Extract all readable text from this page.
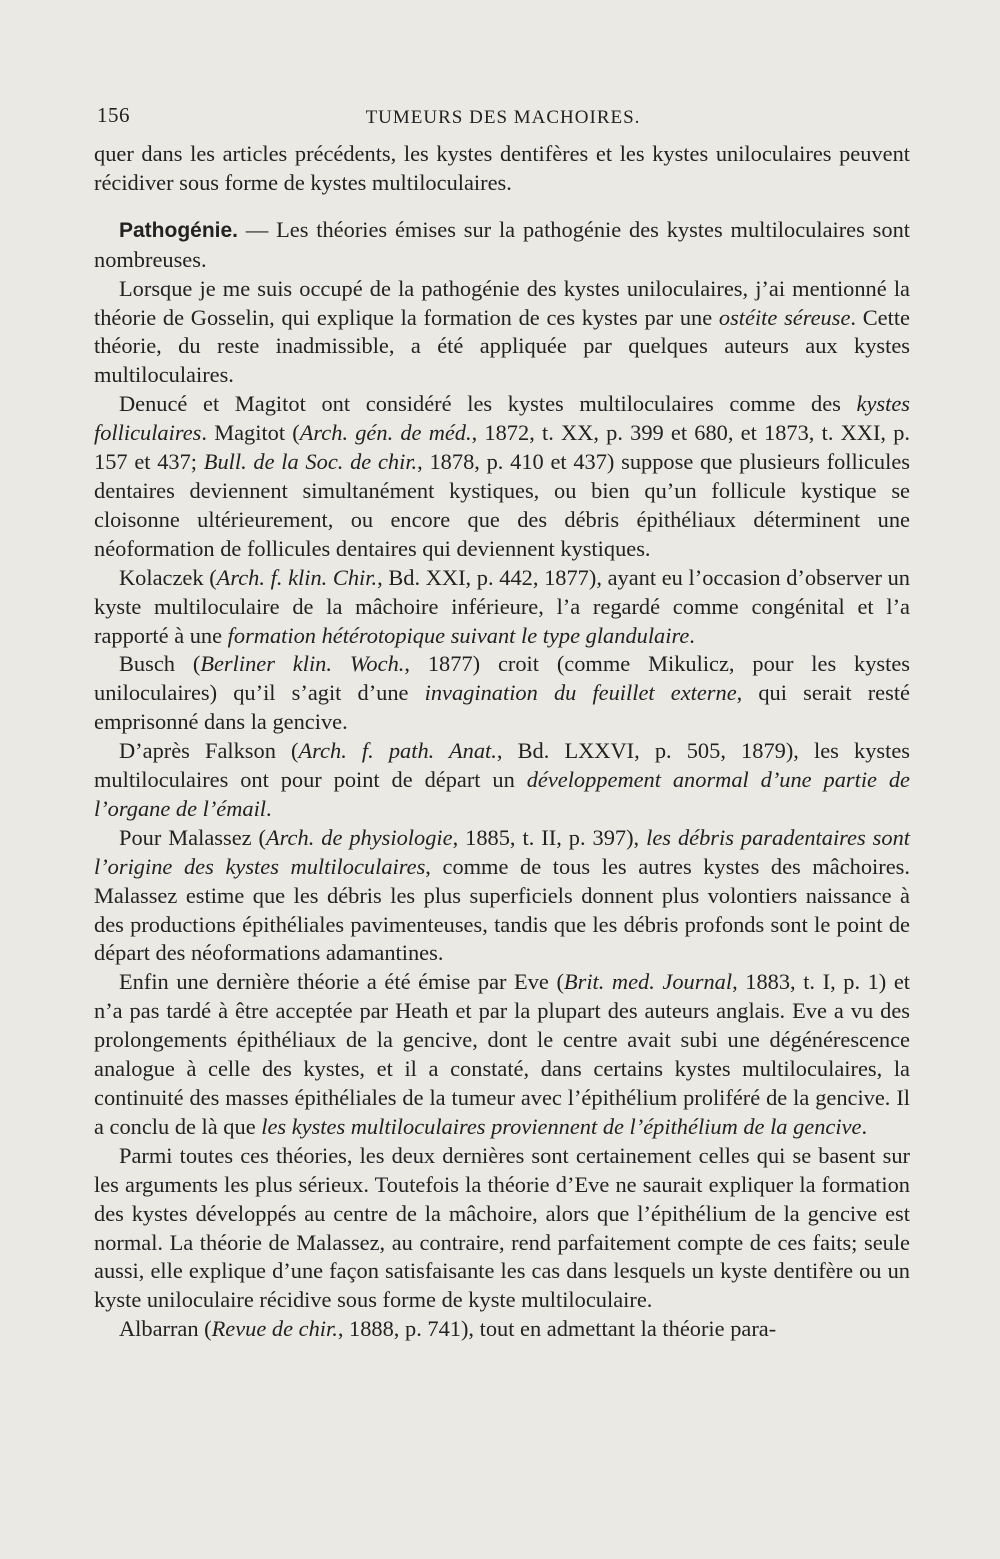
156	TUMEURS DES MACHOIRES.

quer dans les articles précédents, les kystes dentifères et les kystes uniloculaires peuvent récidiver sous forme de kystes multiloculaires.

Pathogénie. — Les théories émises sur la pathogénie des kystes multiloculaires sont nombreuses.

Lorsque je me suis occupé de la pathogénie des kystes uniloculaires, j’ai mentionné la théorie de Gosselin, qui explique la formation de ces kystes par une ostéite séreuse. Cette théorie, du reste inadmissible, a été appliquée par quelques auteurs aux kystes multiloculaires.

Denucé et Magitot ont considéré les kystes multiloculaires comme des kystes folliculaires. Magitot (Arch. gén. de méd., 1872, t. XX, p. 399 et 680, et 1873, t. XXI, p. 157 et 437; Bull. de la Soc. de chir., 1878, p. 410 et 437) suppose que plusieurs follicules dentaires deviennent simultanément kystiques, ou bien qu’un follicule kystique se cloisonne ultérieurement, ou encore que des débris épithéliaux déterminent une néoformation de follicules dentaires qui deviennent kystiques.

Kolaczek (Arch. f. klin. Chir., Bd. XXI, p. 442, 1877), ayant eu l’occasion d’observer un kyste multiloculaire de la mâchoire inférieure, l’a regardé comme congénital et l’a rapporté à une formation hétérotopique suivant le type glandulaire.

Busch (Berliner klin. Woch., 1877) croit (comme Mikulicz, pour les kystes uniloculaires) qu’il s’agit d’une invagination du feuillet externe, qui serait resté emprisonné dans la gencive.

D’après Falkson (Arch. f. path. Anat., Bd. LXXVI, p. 505, 1879), les kystes multiloculaires ont pour point de départ un développement anormal d’une partie de l’organe de l’émail.

Pour Malassez (Arch. de physiologie, 1885, t. II, p. 397), les débris paradentaires sont l’origine des kystes multiloculaires, comme de tous les autres kystes des mâchoires. Malassez estime que les débris les plus superficiels donnent plus volontiers naissance à des productions épithéliales pavimenteuses, tandis que les débris profonds sont le point de départ des néoformations adamantines.

Enfin une dernière théorie a été émise par Eve (Brit. med. Journal, 1883, t. I, p. 1) et n’a pas tardé à être acceptée par Heath et par la plupart des auteurs anglais. Eve a vu des prolongements épithéliaux de la gencive, dont le centre avait subi une dégénérescence analogue à celle des kystes, et il a constaté, dans certains kystes multiloculaires, la continuité des masses épithéliales de la tumeur avec l’épithélium proliféré de la gencive. Il a conclu de là que les kystes multiloculaires proviennent de l’épithélium de la gencive.

Parmi toutes ces théories, les deux dernières sont certainement celles qui se basent sur les arguments les plus sérieux. Toutefois la théorie d’Eve ne saurait expliquer la formation des kystes développés au centre de la mâchoire, alors que l’épithélium de la gencive est normal. La théorie de Malassez, au contraire, rend parfaitement compte de ces faits; seule aussi, elle explique d’une façon satisfaisante les cas dans lesquels un kyste dentifère ou un kyste uniloculaire récidive sous forme de kyste multiloculaire.

Albarran (Revue de chir., 1888, p. 741), tout en admettant la théorie para-
